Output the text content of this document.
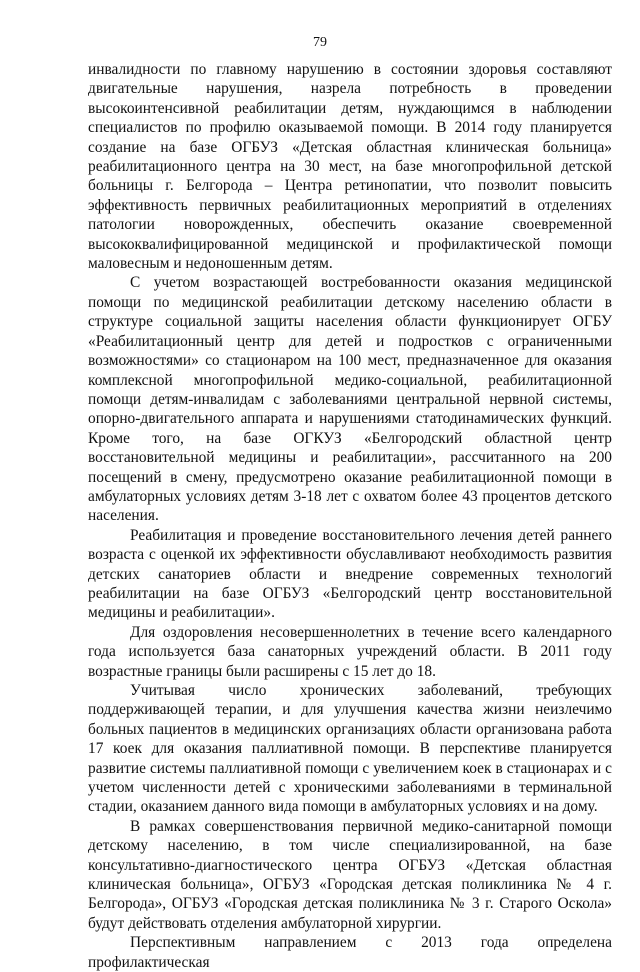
79

инвалидности по главному нарушению в состоянии здоровья составляют двигательные нарушения, назрела потребность в проведении высокоинтенсивной реабилитации детям, нуждающимся в наблюдении специалистов по профилю оказываемой помощи. В 2014 году планируется создание на базе ОГБУЗ «Детская областная клиническая больница» реабилитационного центра на 30 мест, на базе многопрофильной детской больницы г. Белгорода – Центра ретинопатии, что позволит повысить эффективность первичных реабилитационных мероприятий в отделениях патологии новорожденных, обеспечить оказание своевременной высококвалифицированной медицинской и профилактической помощи маловесным и недоношенным детям.

С учетом возрастающей востребованности оказания медицинской помощи по медицинской реабилитации детскому населению области в структуре социальной защиты населения области функционирует ОГБУ «Реабилитационный центр для детей и подростков с ограниченными возможностями» со стационаром на 100 мест, предназначенное для оказания комплексной многопрофильной медико-социальной, реабилитационной помощи детям-инвалидам с заболеваниями центральной нервной системы, опорно-двигательного аппарата и нарушениями статодинамических функций. Кроме того, на базе ОГКУЗ «Белгородский областной центр восстановительной медицины и реабилитации», рассчитанного на 200 посещений в смену, предусмотрено оказание реабилитационной помощи в амбулаторных условиях детям 3-18 лет с охватом более 43 процентов детского населения.

Реабилитация и проведение восстановительного лечения детей раннего возраста с оценкой их эффективности обуславливают необходимость развития детских санаториев области и внедрение современных технологий реабилитации на базе ОГБУЗ «Белгородский центр восстановительной медицины и реабилитации».

Для оздоровления несовершеннолетних в течение всего календарного года используется база санаторных учреждений области. В 2011 году возрастные границы были расширены с 15 лет до 18.

Учитывая число хронических заболеваний, требующих поддерживающей терапии, и для улучшения качества жизни неизлечимо больных пациентов в медицинских организациях области организована работа 17 коек для оказания паллиативной помощи. В перспективе планируется развитие системы паллиативной помощи с увеличением коек в стационарах и с учетом численности детей с хроническими заболеваниями в терминальной стадии, оказанием данного вида помощи в амбулаторных условиях и на дому.

В рамках совершенствования первичной медико-санитарной помощи детскому населению, в том числе специализированной, на базе консультативно-диагностического центра ОГБУЗ «Детская областная клиническая больница», ОГБУЗ «Городская детская поликлиника № 4 г. Белгорода», ОГБУЗ «Городская детская поликлиника № 3 г. Старого Оскола» будут действовать отделения амбулаторной хирургии.

Перспективным направлением с 2013 года определена профилактическая
